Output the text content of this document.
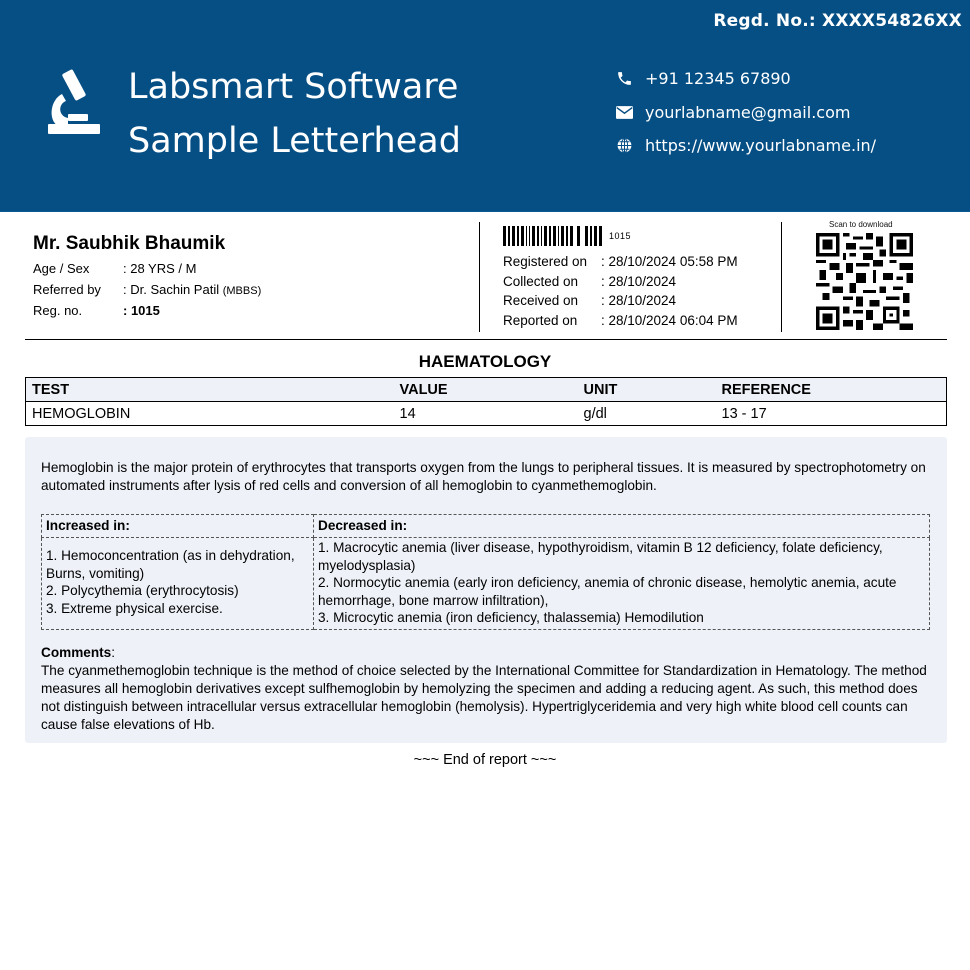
Regd. No.: XXXX54826XX
Labsmart Software
Sample Letterhead
+91 12345 67890
yourlabname@gmail.com
https://www.yourlabname.in/
Mr. Saubhik Bhaumik
Age / Sex	: 28 YRS / M
Referred by	: Dr. Sachin Patil (MBBS)
Reg. no.	: 1015
1015
Registered on	: 28/10/2024 05:58 PM
Collected on	: 28/10/2024
Received on	: 28/10/2024
Reported on	: 28/10/2024 06:04 PM
Scan to download
HAEMATOLOGY
TEST	VALUE	UNIT	REFERENCE
HEMOGLOBIN	14	g/dl	13 - 17
Hemoglobin is the major protein of erythrocytes that transports oxygen from the lungs to peripheral tissues. It is measured by spectrophotometry on automated instruments after lysis of red cells and conversion of all hemoglobin to cyanmethemoglobin.
Increased in:	Decreased in:

1. Hemoconcentration (as in dehydration, Burns, vomiting)
2. Polycythemia (erythrocytosis)
3. Extreme physical exercise.

1. Macrocytic anemia (liver disease, hypothyroidism, vitamin B 12 deficiency, folate deficiency, myelodysplasia)
2. Normocytic anemia (early iron deficiency, anemia of chronic disease, hemolytic anemia, acute hemorrhage, bone marrow infiltration),
3. Microcytic anemia (iron deficiency, thalassemia) Hemodilution
Comments:
The cyanmethemoglobin technique is the method of choice selected by the International Committee for Standardization in Hematology. The method measures all hemoglobin derivatives except sulfhemoglobin by hemolyzing the specimen and adding a reducing agent. As such, this method does not distinguish between intracellular versus extracellular hemoglobin (hemolysis). Hypertriglyceridemia and very high white blood cell counts can cause false elevations of Hb.
~~~ End of report ~~~
